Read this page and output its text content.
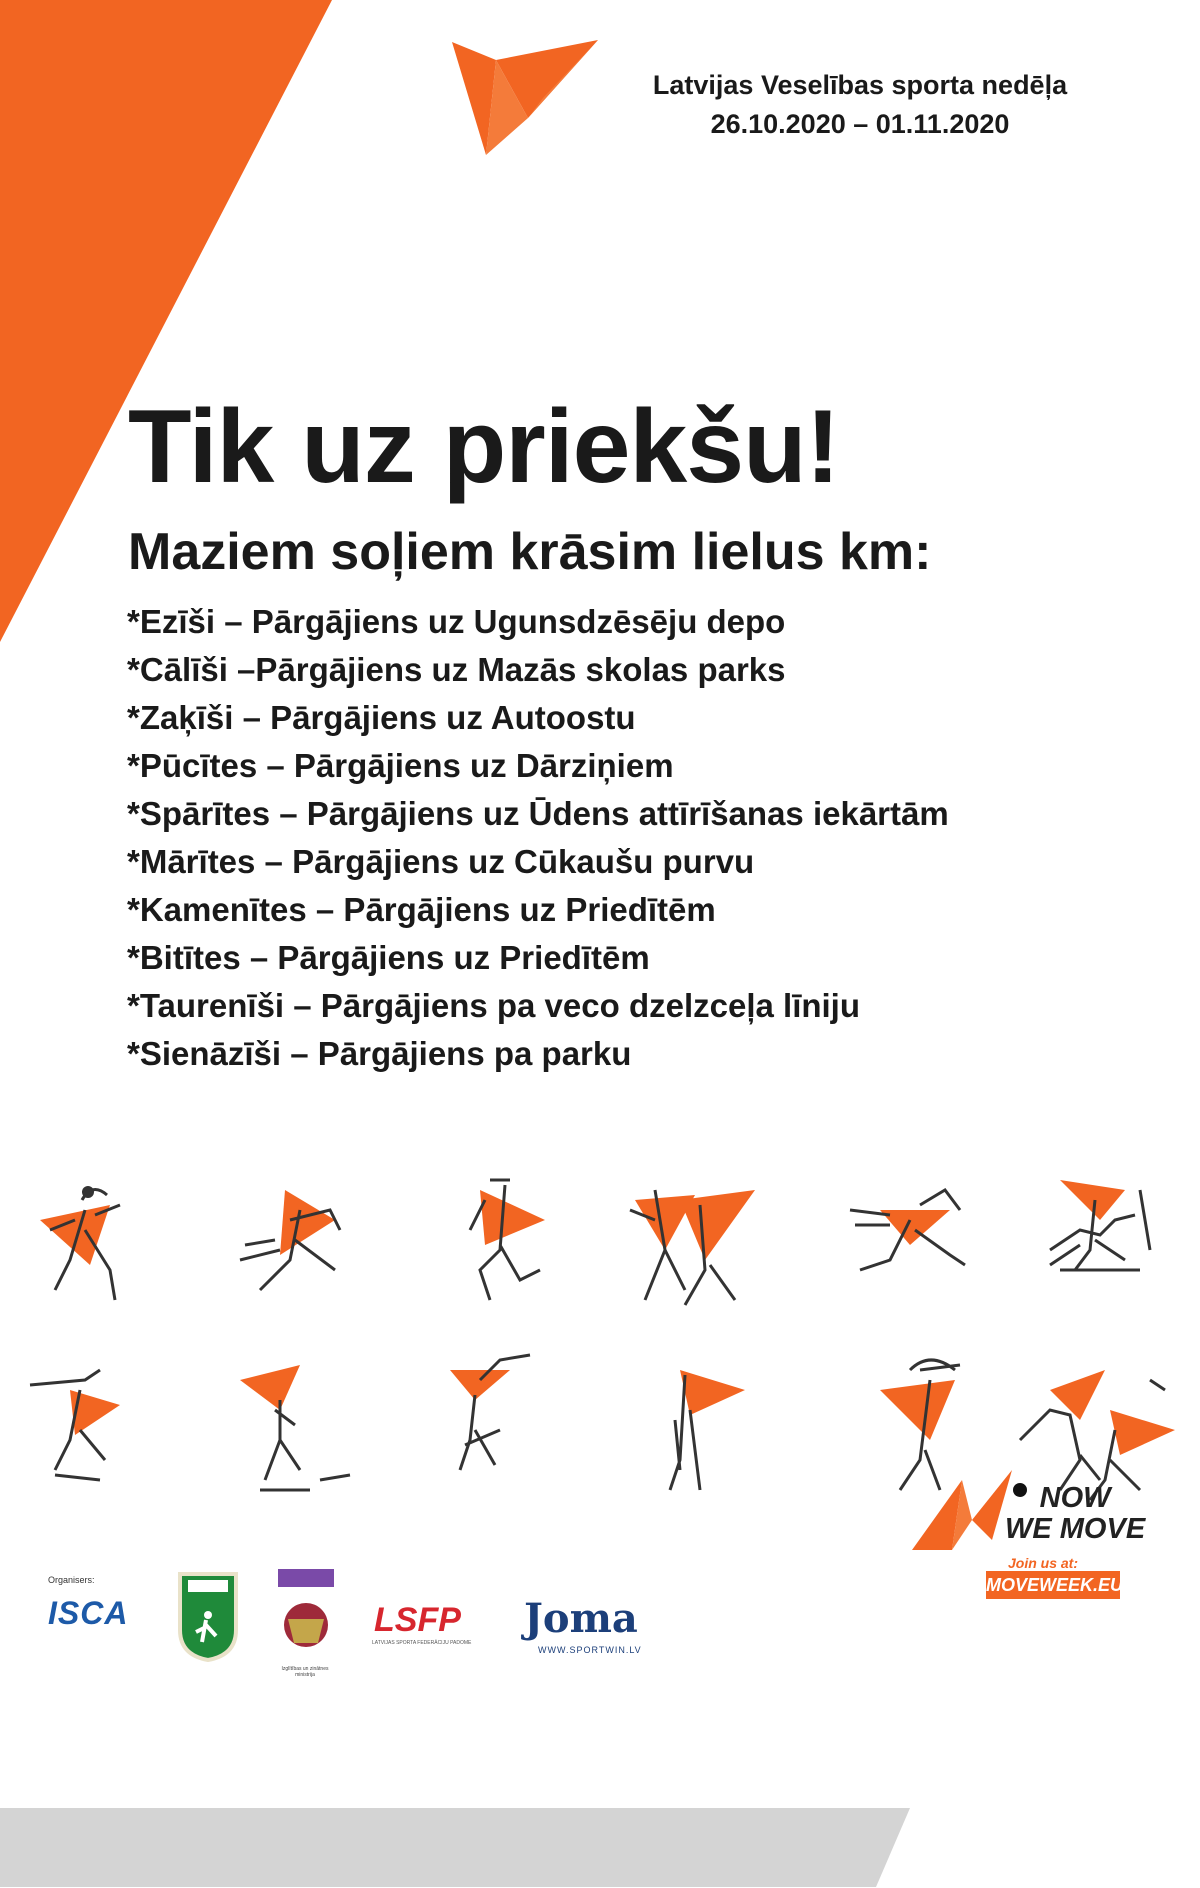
Latvijas Veselības sporta nedēļa
26.10.2020 – 01.11.2020
Tik uz priekšu!
Maziem soļiem krāsim lielus km:
*Ezīši – Pārgājiens uz Ugunsdzēsēju depo
*Cālīši –Pārgājiens uz Mazās skolas parks
*Zaķīši – Pārgājiens uz Autoostu
*Pūcītes – Pārgājiens uz Dārziņiem
*Spārītes – Pārgājiens uz Ūdens attīrīšanas iekārtām
*Mārītes – Pārgājiens uz Cūkaušu purvu
*Kamenītes – Pārgājiens uz Priedītēm
*Bitītes – Pārgājiens uz Priedītēm
*Taurenīši – Pārgājiens pa veco dzelzceļa līniju
*Sienāzīši – Pārgājiens pa parku
NOW
WE MOVE
Join us at:
MOVEWEEK.EU
Organisers:
ISCA
Izglītības un zinātnes ministrija
LSFP
LATVIJAS SPORTA FEDERĀCIJU PADOME
Joma
WWW.SPORTWIN.LV
